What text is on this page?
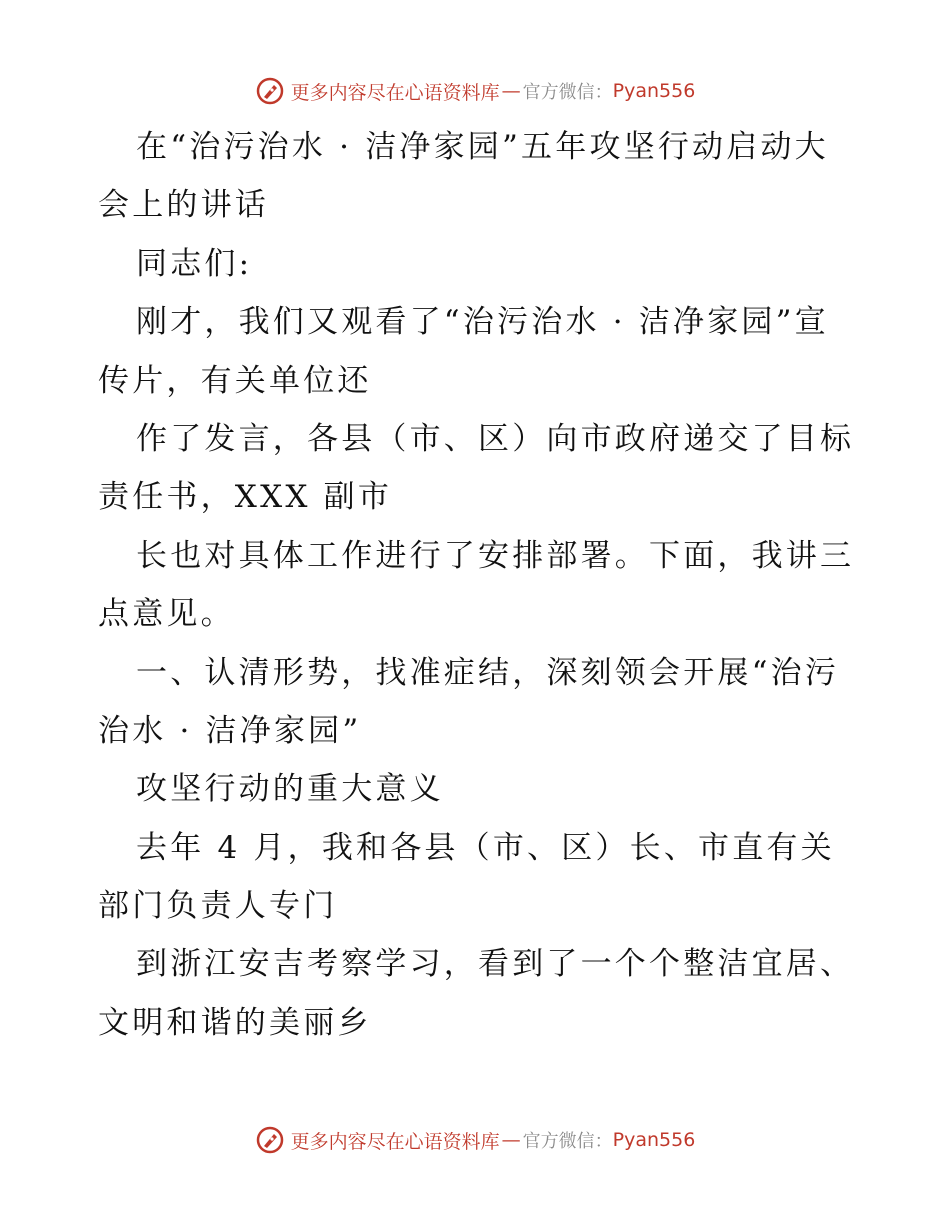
更多内容尽在心语资料库 — 官方微信： Pyan556
在“治污治水 · 洁净家园”五年攻坚行动启动大
会上的讲话
同志们:
刚才，我们又观看了“治污治水 · 洁净家园”宣
传片，有关单位还
作了发言，各县（市、区）向市政府递交了目标
责任书，XXX 副市
长也对具体工作进行了安排部署。下面，我讲三
点意见。
一、认清形势，找准症结，深刻领会开展“治污
治水 · 洁净家园”
攻坚行动的重大意义
去年 4 月，我和各县（市、区）长、市直有关
部门负责人专门
到浙江安吉考察学习，看到了一个个整洁宜居、
文明和谐的美丽乡
更多内容尽在心语资料库 — 官方微信： Pyan556
